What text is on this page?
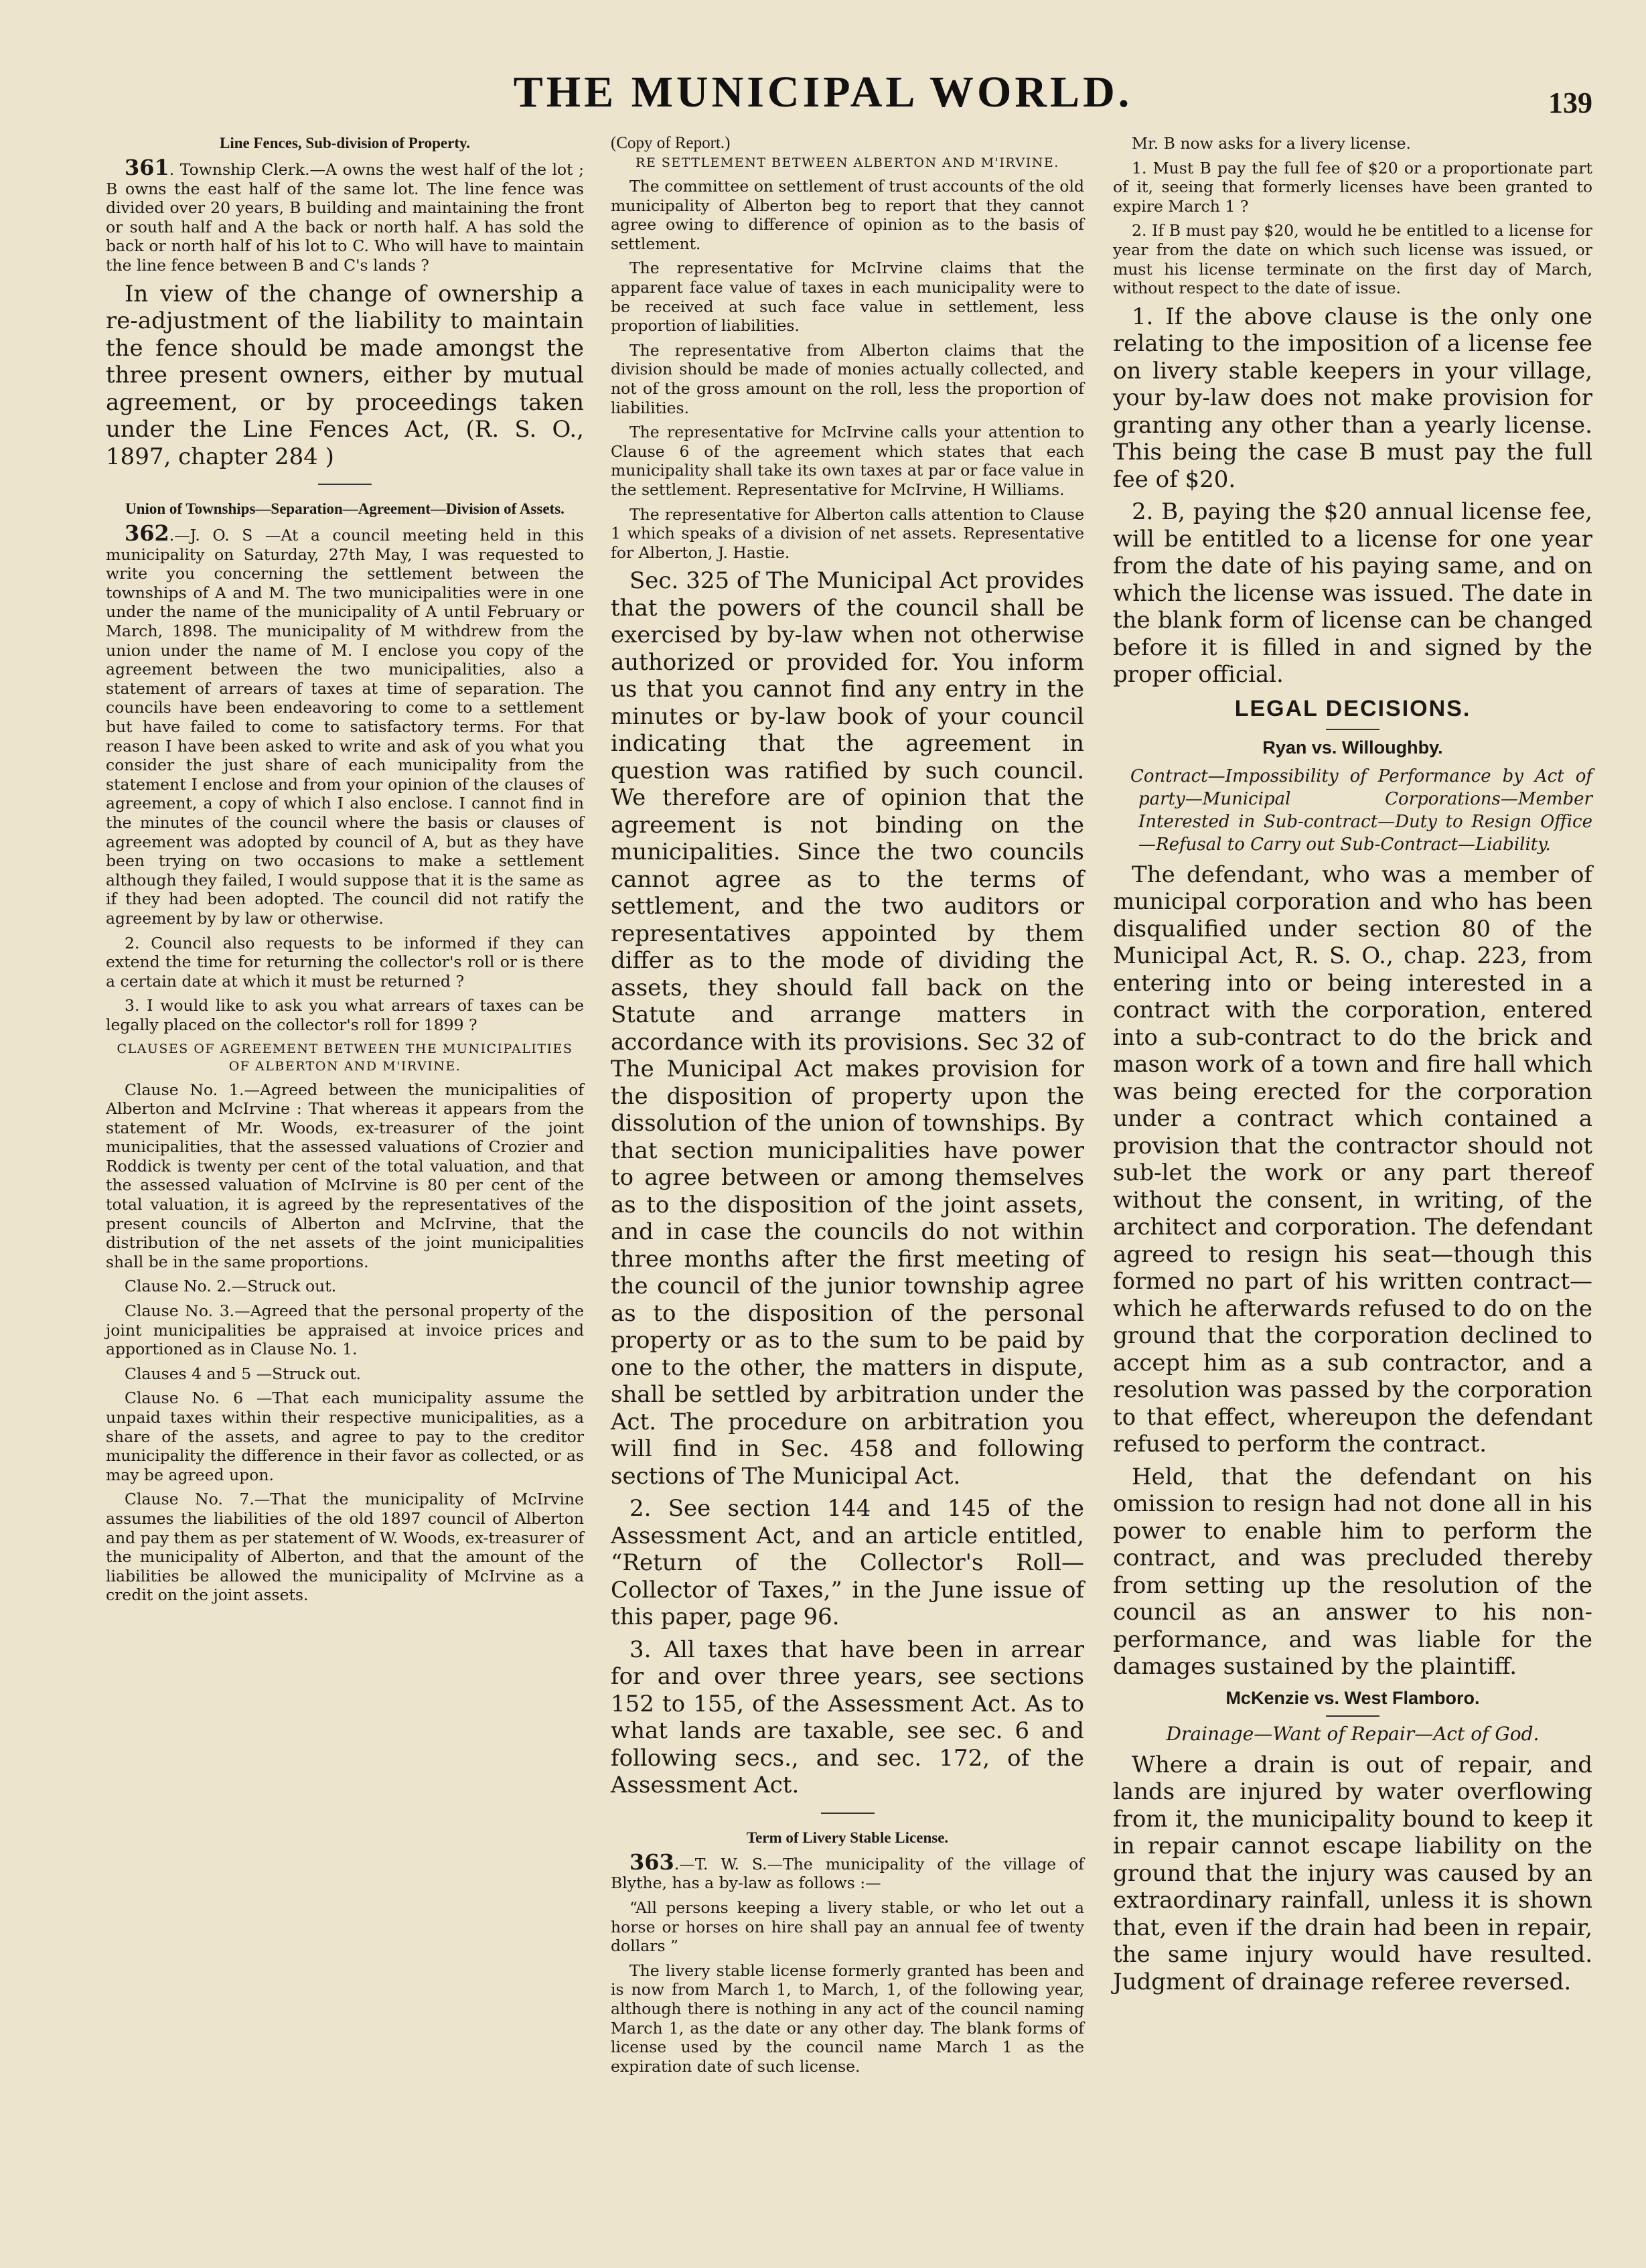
THE MUNICIPAL WORLD.	139

Line Fences, Sub-division of Property.

361. Township Clerk.—A owns the west half of the lot ; B owns the east half of the same lot. The line fence was divided over 20 years, B building and maintaining the front or south half and A the back or north half. A has sold the back or north half of his lot to C. Who will have to maintain the line fence between B and C's lands ?

In view of the change of ownership a re-adjustment of the liability to maintain the fence should be made amongst the three present owners, either by mutual agreement, or by proceedings taken under the Line Fences Act, (R. S. O., 1897, chapter 284 )

Union of Townships—Separation—Agreement—Division of Assets.

362.—J. O. S —At a council meeting held in this municipality on Saturday, 27th May, I was requested to write you concerning the settlement between the townships of A and M. The two municipalities were in one under the name of the municipality of A until February or March, 1898. The municipality of M withdrew from the union under the name of M. I enclose you copy of the agreement between the two municipalities, also a statement of arrears of taxes at time of separation. The councils have been endeavoring to come to a settlement but have failed to come to satisfactory terms. For that reason I have been asked to write and ask of you what you consider the just share of each municipality from the statement I enclose and from your opinion of the clauses of agreement, a copy of which I also enclose. I cannot find in the minutes of the council where the basis or clauses of agreement was adopted by council of A, but as they have been trying on two occasions to make a settlement although they failed, I would suppose that it is the same as if they had been adopted. The council did not ratify the agreement by by law or otherwise.

2. Council also requests to be informed if they can extend the time for returning the collector's roll or is there a certain date at which it must be returned ?

3. I would like to ask you what arrears of taxes can be legally placed on the collector's roll for 1899 ?

CLAUSES OF AGREEMENT BETWEEN THE MUNICIPALITIES OF ALBERTON AND M'IRVINE.

Clause No. 1.—Agreed between the municipalities of Alberton and McIrvine : That whereas it appears from the statement of Mr. Woods, ex-treasurer of the joint municipalities, that the assessed valuations of Crozier and Roddick is twenty per cent of the total valuation, and that the assessed valuation of McIrvine is 80 per cent of the total valuation, it is agreed by the representatives of the present councils of Alberton and McIrvine, that the distribution of the net assets of the joint municipalities shall be in the same proportions.

Clause No. 2.—Struck out.

Clause No. 3.—Agreed that the personal property of the joint municipalities be appraised at invoice prices and apportioned as in Clause No. 1.

Clauses 4 and 5 —Struck out.

Clause No. 6 —That each municipality assume the unpaid taxes within their respective municipalities, as a share of the assets, and agree to pay to the creditor municipality the difference in their favor as collected, or as may be agreed upon.

Clause No. 7.—That the municipality of McIrvine assumes the liabilities of the old 1897 council of Alberton and pay them as per statement of W. Woods, ex-treasurer of the municipality of Alberton, and that the amount of the liabilities be allowed the municipality of McIrvine as a credit on the joint assets.

(Copy of Report.)

RE SETTLEMENT BETWEEN ALBERTON AND M'IRVINE.

The committee on settlement of trust accounts of the old municipality of Alberton beg to report that they cannot agree owing to difference of opinion as to the basis of settlement.

The representative for McIrvine claims that the apparent face value of taxes in each municipality were to be received at such face value in settlement, less proportion of liabilities.

The representative from Alberton claims that the division should be made of monies actually collected, and not of the gross amount on the roll, less the proportion of liabilities.

The representative for McIrvine calls your attention to Clause 6 of the agreement which states that each municipality shall take its own taxes at par or face value in the settlement. Representative for McIrvine, H Williams.

The representative for Alberton calls attention to Clause 1 which speaks of a division of net assets. Representative for Alberton, J. Hastie.

Sec. 325 of The Municipal Act provides that the powers of the council shall be exercised by by-law when not otherwise authorized or provided for. You inform us that you cannot find any entry in the minutes or by-law book of your council indicating that the agreement in question was ratified by such council. We therefore are of opinion that the agreement is not binding on the municipalities. Since the two councils cannot agree as to the terms of settlement, and the two auditors or representatives appointed by them differ as to the mode of dividing the assets, they should fall back on the Statute and arrange matters in accordance with its provisions. Sec 32 of The Municipal Act makes provision for the disposition of property upon the dissolution of the union of townships. By that section municipalities have power to agree between or among themselves as to the disposition of the joint assets, and in case the councils do not within three months after the first meeting of the council of the junior township agree as to the disposition of the personal property or as to the sum to be paid by one to the other, the matters in dispute, shall be settled by arbitration under the Act. The procedure on arbitration you will find in Sec. 458 and following sections of The Municipal Act.

2. See section 144 and 145 of the Assessment Act, and an article entitled, “Return of the Collector's Roll—Collector of Taxes,” in the June issue of this paper, page 96.

3. All taxes that have been in arrear for and over three years, see sections 152 to 155, of the Assessment Act. As to what lands are taxable, see sec. 6 and following secs., and sec. 172, of the Assessment Act.

Term of Livery Stable License.

363.—T. W. S.—The municipality of the village of Blythe, has a by-law as follows :—

“All persons keeping a livery stable, or who let out a horse or horses on hire shall pay an annual fee of twenty dollars ”

The livery stable license formerly granted has been and is now from March 1, to March, 1, of the following year, although there is nothing in any act of the council naming March 1, as the date or any other day. The blank forms of license used by the council name March 1 as the expiration date of such license.

Mr. B now asks for a livery license.

1. Must B pay the full fee of $20 or a proportionate part of it, seeing that formerly licenses have been granted to expire March 1 ?

2. If B must pay $20, would he be entitled to a license for year from the date on which such license was issued, or must his license terminate on the first day of March, without respect to the date of issue.

1. If the above clause is the only one relating to the imposition of a license fee on livery stable keepers in your village, your by-law does not make provision for granting any other than a yearly license. This being the case B must pay the full fee of $20.

2. B, paying the $20 annual license fee, will be entitled to a license for one year from the date of his paying same, and on which the license was issued. The date in the blank form of license can be changed before it is filled in and signed by the proper official.

LEGAL DECISIONS.

Ryan vs. Willoughby.

Contract—Impossibility of Performance by Act of party—Municipal Corporations—Member Interested in Sub-contract—Duty to Resign Office—Refusal to Carry out Sub-Contract—Liability.

The defendant, who was a member of municipal corporation and who has been disqualified under section 80 of the Municipal Act, R. S. O., chap. 223, from entering into or being interested in a contract with the corporation, entered into a sub-contract to do the brick and mason work of a town and fire hall which was being erected for the corporation under a contract which contained a provision that the contractor should not sub-let the work or any part thereof without the consent, in writing, of the architect and corporation. The defendant agreed to resign his seat—though this formed no part of his written contract—which he afterwards refused to do on the ground that the corporation declined to accept him as a sub contractor, and a resolution was passed by the corporation to that effect, whereupon the defendant refused to perform the contract.

Held, that the defendant on his omission to resign had not done all in his power to enable him to perform the contract, and was precluded thereby from setting up the resolution of the council as an answer to his non-performance, and was liable for the damages sustained by the plaintiff.

McKenzie vs. West Flamboro.

Drainage—Want of Repair—Act of God.

Where a drain is out of repair, and lands are injured by water overflowing from it, the municipality bound to keep it in repair cannot escape liability on the ground that the injury was caused by an extraordinary rainfall, unless it is shown that, even if the drain had been in repair, the same injury would have resulted. Judgment of drainage referee reversed.
